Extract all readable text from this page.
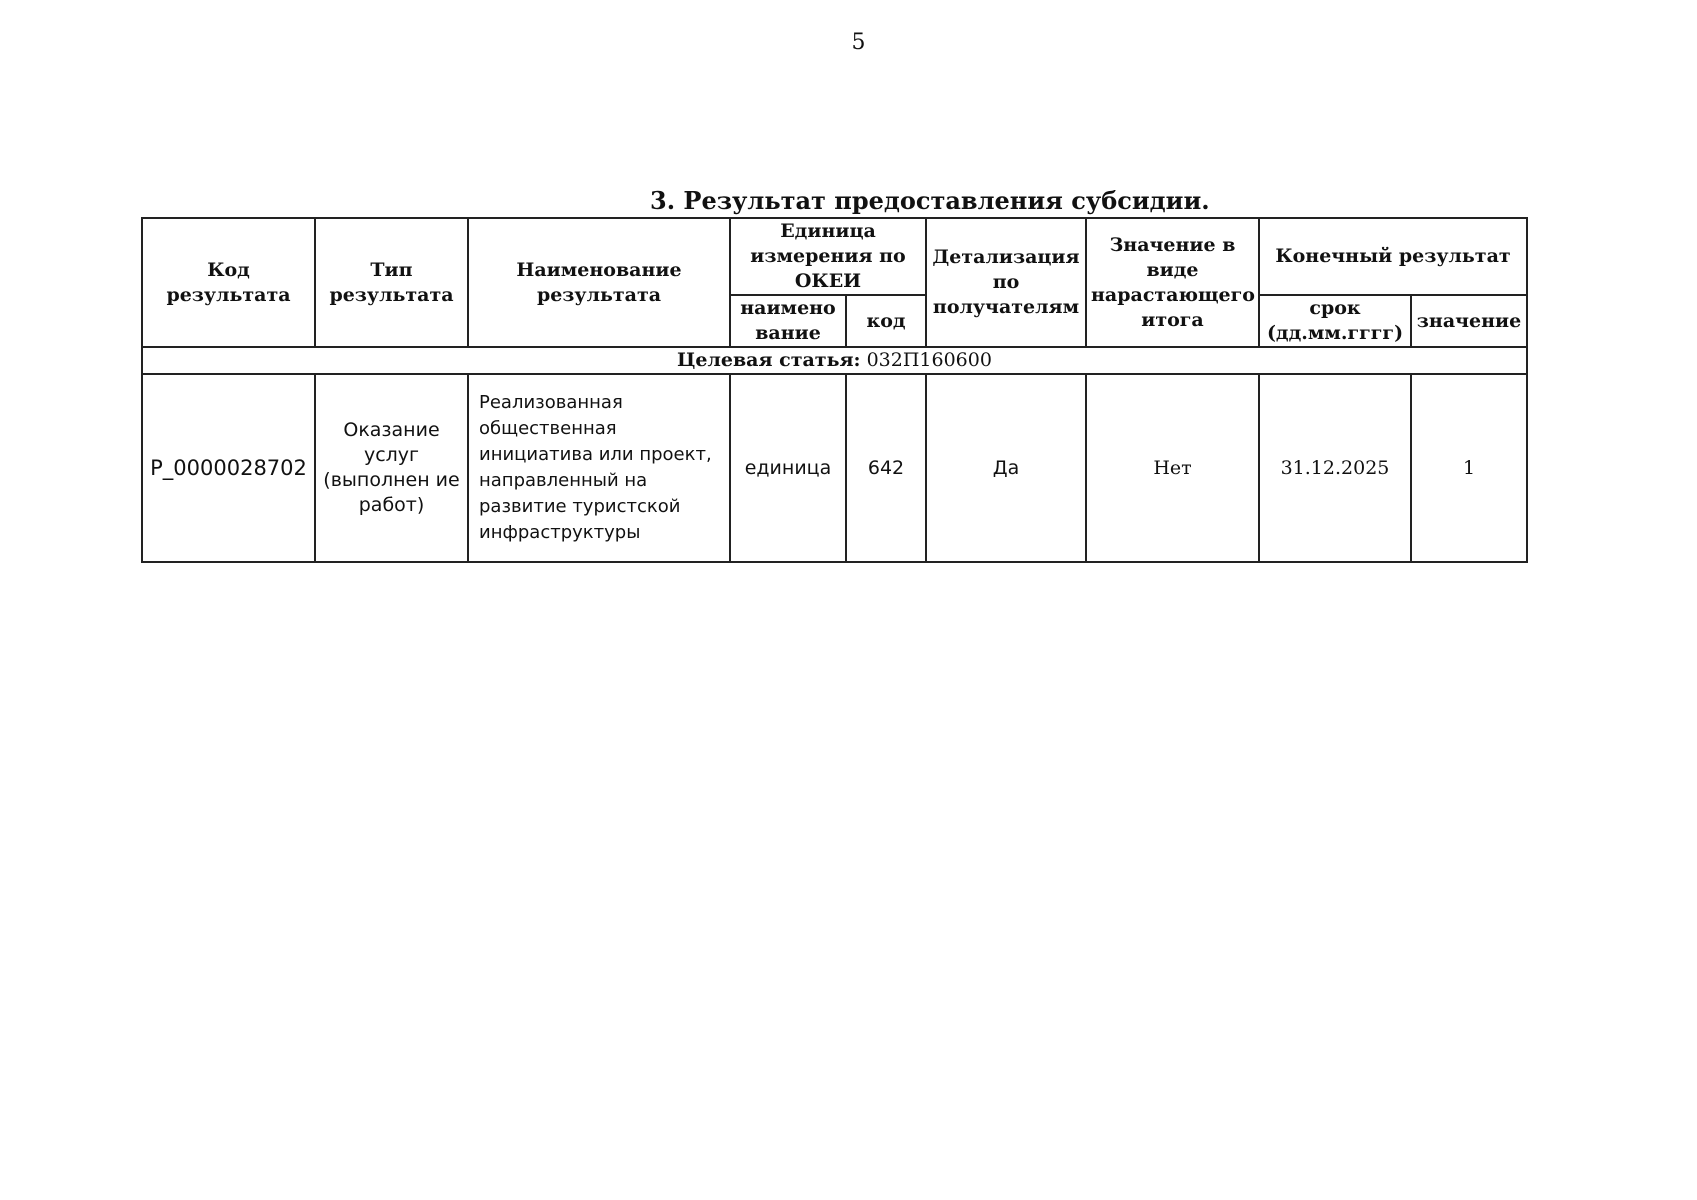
5
3. Результат предоставления субсидии.
Код результата	Тип результата	Наименование результата	Единица измерения по ОКЕИ		Детализация по получателям	Значение в виде нарастающего итога	Конечный результат	
			наимено вание	код			срок (дд.мм.гггг)	значение
Целевая статья: 032П160600								
P_0000028702	Оказание услуг (выполнен ие работ)	Реализованная общественная инициатива или проект, направленный на развитие туристской инфраструктуры	единица	642	Да	Нет	31.12.2025	1
